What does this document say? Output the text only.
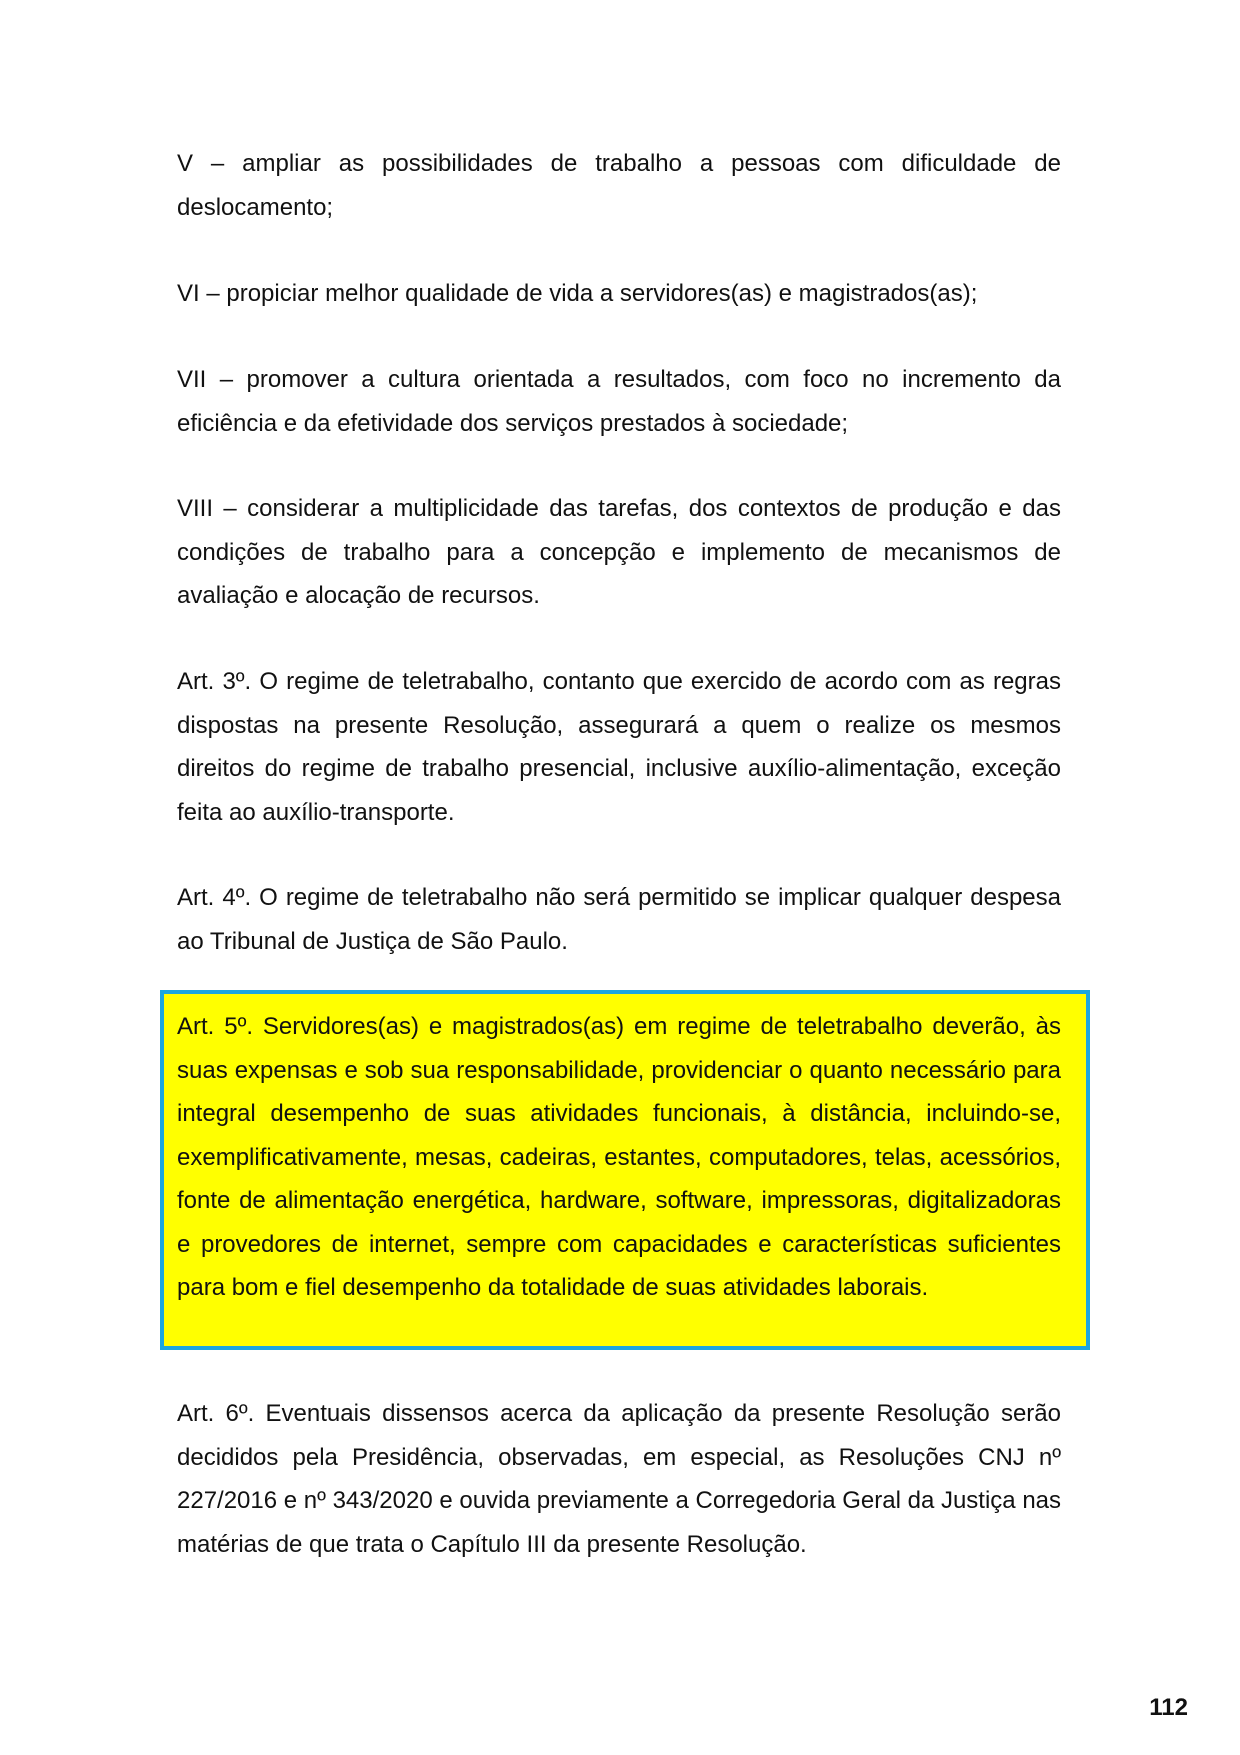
V – ampliar as possibilidades de trabalho a pessoas com dificuldade de deslocamento;

VI – propiciar melhor qualidade de vida a servidores(as) e magistrados(as);

VII – promover a cultura orientada a resultados, com foco no incremento da eficiência e da efetividade dos serviços prestados à sociedade;

VIII – considerar a multiplicidade das tarefas, dos contextos de produção e das condições de trabalho para a concepção e implemento de mecanismos de avaliação e alocação de recursos.

Art. 3º. O regime de teletrabalho, contanto que exercido de acordo com as regras dispostas na presente Resolução, assegurará a quem o realize os mesmos direitos do regime de trabalho presencial, inclusive auxílio-alimentação, exceção feita ao auxílio-transporte.

Art. 4º. O regime de teletrabalho não será permitido se implicar qualquer despesa ao Tribunal de Justiça de São Paulo.

Art. 5º. Servidores(as) e magistrados(as) em regime de teletrabalho deverão, às suas expensas e sob sua responsabilidade, providenciar o quanto necessário para integral desempenho de suas atividades funcionais, à distância, incluindo-se, exemplificativamente, mesas, cadeiras, estantes, computadores, telas, acessórios, fonte de alimentação energética, hardware, software, impressoras, digitalizadoras e provedores de internet, sempre com capacidades e características suficientes para bom e fiel desempenho da totalidade de suas atividades laborais.

Art. 6º. Eventuais dissensos acerca da aplicação da presente Resolução serão decididos pela Presidência, observadas, em especial, as Resoluções CNJ nº 227/2016 e nº 343/2020 e ouvida previamente a Corregedoria Geral da Justiça nas matérias de que trata o Capítulo III da presente Resolução.

112
